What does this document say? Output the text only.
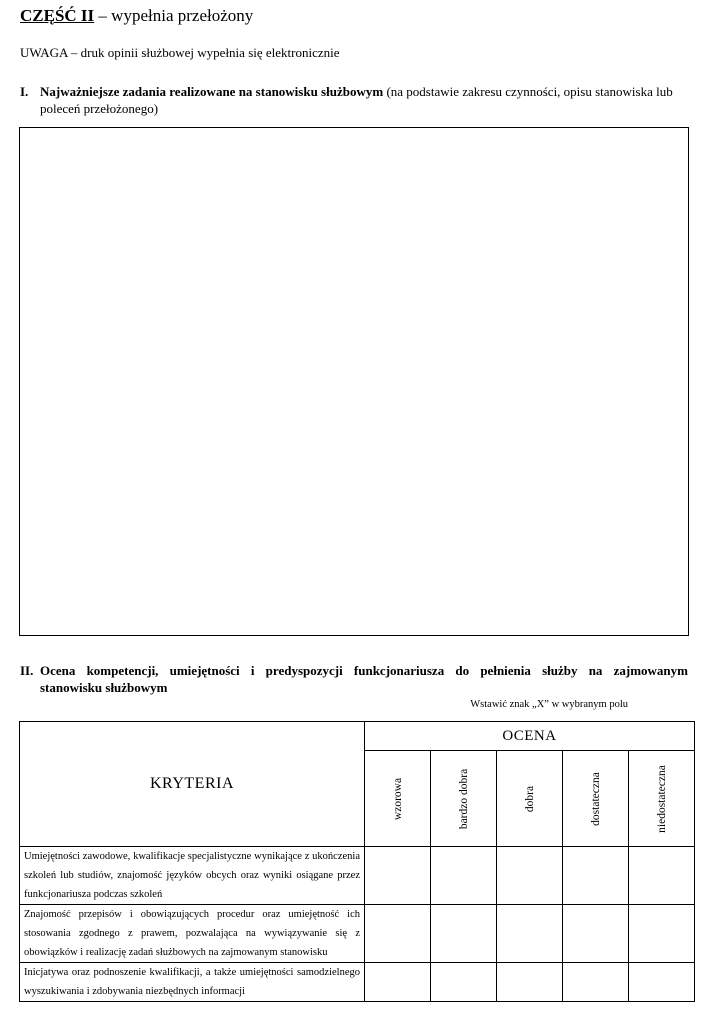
CZĘŚĆ II – wypełnia przełożony
UWAGA – druk opinii służbowej wypełnia się elektronicznie
I. Najważniejsze zadania realizowane na stanowisku służbowym (na podstawie zakresu czynności, opisu stanowiska lub poleceń przełożonego)
II. Ocena kompetencji, umiejętności i predyspozycji funkcjonariusza do pełnienia służby na zajmowanym
stanowisku służbowym
Wstawić znak „X” w wybranym polu
KRYTERIA	OCENA				

	wzorowa	bardzo dobra	dobra	dostateczna	niedostateczna

Umiejętności zawodowe, kwalifikacje specjalistyczne wynikające z ukończenia szkoleń lub studiów, znajomość języków obcych oraz wyniki osiągane przez funkcjonariusza podczas szkoleń					
Znajomość przepisów i obowiązujących procedur oraz umiejętność ich stosowania zgodnego z prawem, pozwalająca na wywiązywanie się z obowiązków i realizację zadań służbowych na zajmowanym stanowisku					
Inicjatywa oraz podnoszenie kwalifikacji, a także umiejętności samodzielnego wyszukiwania i zdobywania niezbędnych informacji					
